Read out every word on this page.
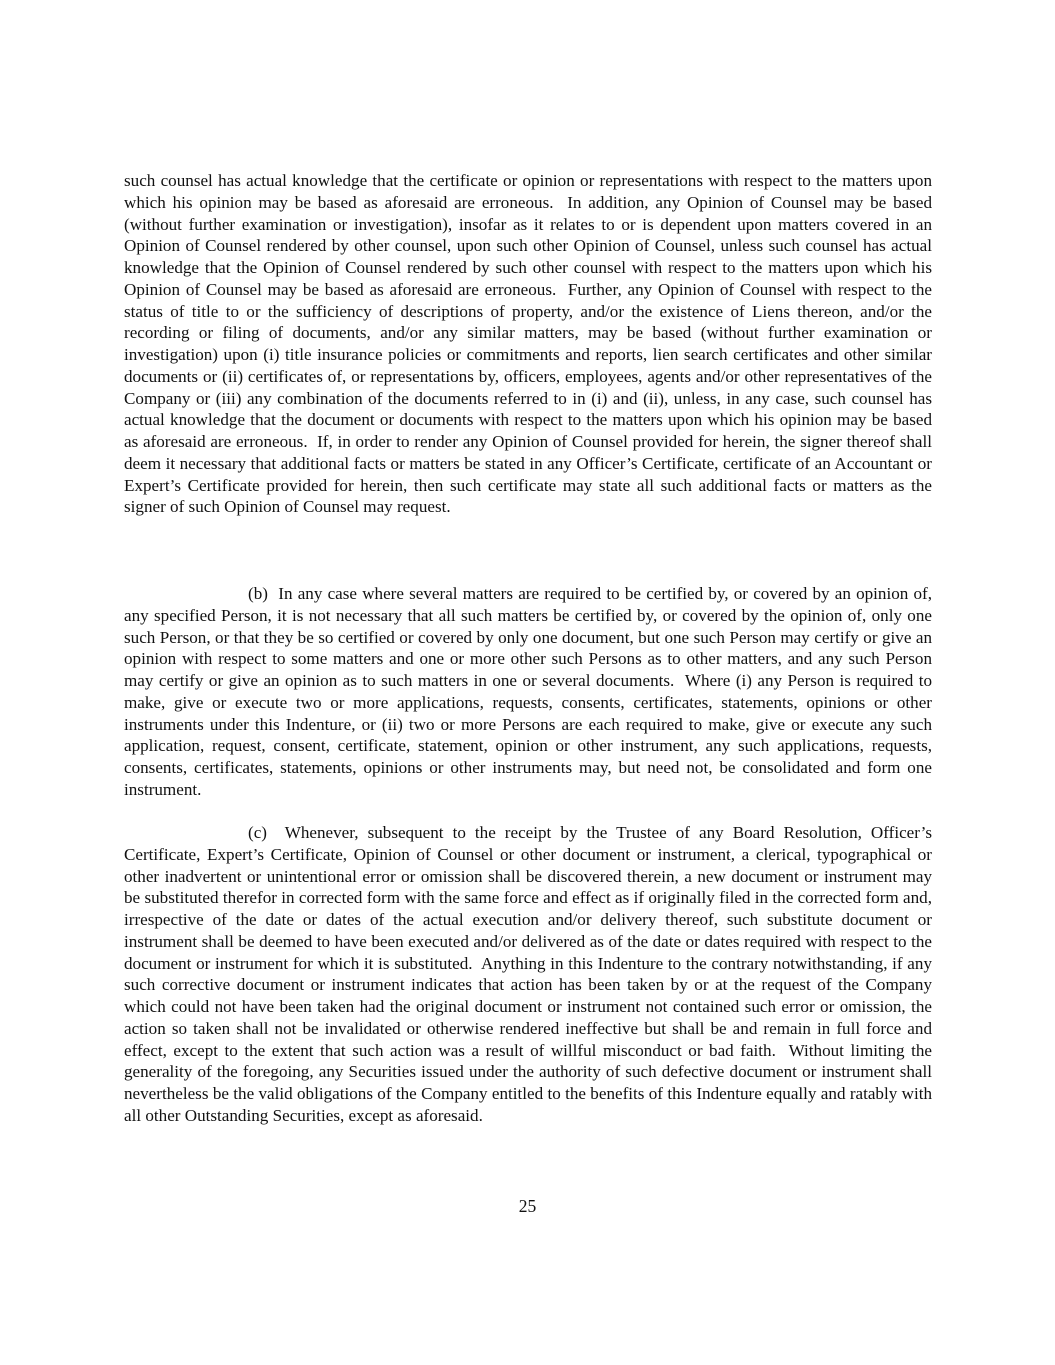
such counsel has actual knowledge that the certificate or opinion or representations with respect to the matters upon which his opinion may be based as aforesaid are erroneous.  In addition, any Opinion of Counsel may be based (without further examination or investigation), insofar as it relates to or is dependent upon matters covered in an Opinion of Counsel rendered by other counsel, upon such other Opinion of Counsel, unless such counsel has actual knowledge that the Opinion of Counsel rendered by such other counsel with respect to the matters upon which his Opinion of Counsel may be based as aforesaid are erroneous.  Further, any Opinion of Counsel with respect to the status of title to or the sufficiency of descriptions of property, and/or the existence of Liens thereon, and/or the recording or filing of documents, and/or any similar matters, may be based (without further examination or investigation) upon (i) title insurance policies or commitments and reports, lien search certificates and other similar documents or (ii) certificates of, or representations by, officers, employees, agents and/or other representatives of the Company or (iii) any combination of the documents referred to in (i) and (ii), unless, in any case, such counsel has actual knowledge that the document or documents with respect to the matters upon which his opinion may be based as aforesaid are erroneous.  If, in order to render any Opinion of Counsel provided for herein, the signer thereof shall deem it necessary that additional facts or matters be stated in any Officer’s Certificate, certificate of an Accountant or Expert’s Certificate provided for herein, then such certificate may state all such additional facts or matters as the signer of such Opinion of Counsel may request.

(b)  In any case where several matters are required to be certified by, or covered by an opinion of, any specified Person, it is not necessary that all such matters be certified by, or covered by the opinion of, only one such Person, or that they be so certified or covered by only one document, but one such Person may certify or give an opinion with respect to some matters and one or more other such Persons as to other matters, and any such Person may certify or give an opinion as to such matters in one or several documents.  Where (i) any Person is required to make, give or execute two or more applications, requests, consents, certificates, statements, opinions or other instruments under this Indenture, or (ii) two or more Persons are each required to make, give or execute any such application, request, consent, certificate, statement, opinion or other instrument, any such applications, requests, consents, certificates, statements, opinions or other instruments may, but need not, be consolidated and form one instrument.

(c)  Whenever, subsequent to the receipt by the Trustee of any Board Resolution, Officer’s Certificate, Expert’s Certificate, Opinion of Counsel or other document or instrument, a clerical, typographical or other inadvertent or unintentional error or omission shall be discovered therein, a new document or instrument may be substituted therefor in corrected form with the same force and effect as if originally filed in the corrected form and, irrespective of the date or dates of the actual execution and/or delivery thereof, such substitute document or instrument shall be deemed to have been executed and/or delivered as of the date or dates required with respect to the document or instrument for which it is substituted.  Anything in this Indenture to the contrary notwithstanding, if any such corrective document or instrument indicates that action has been taken by or at the request of the Company which could not have been taken had the original document or instrument not contained such error or omission, the action so taken shall not be invalidated or otherwise rendered ineffective but shall be and remain in full force and effect, except to the extent that such action was a result of willful misconduct or bad faith.  Without limiting the generality of the foregoing, any Securities issued under the authority of such defective document or instrument shall nevertheless be the valid obligations of the Company entitled to the benefits of this Indenture equally and ratably with all other Outstanding Securities, except as aforesaid.

25
